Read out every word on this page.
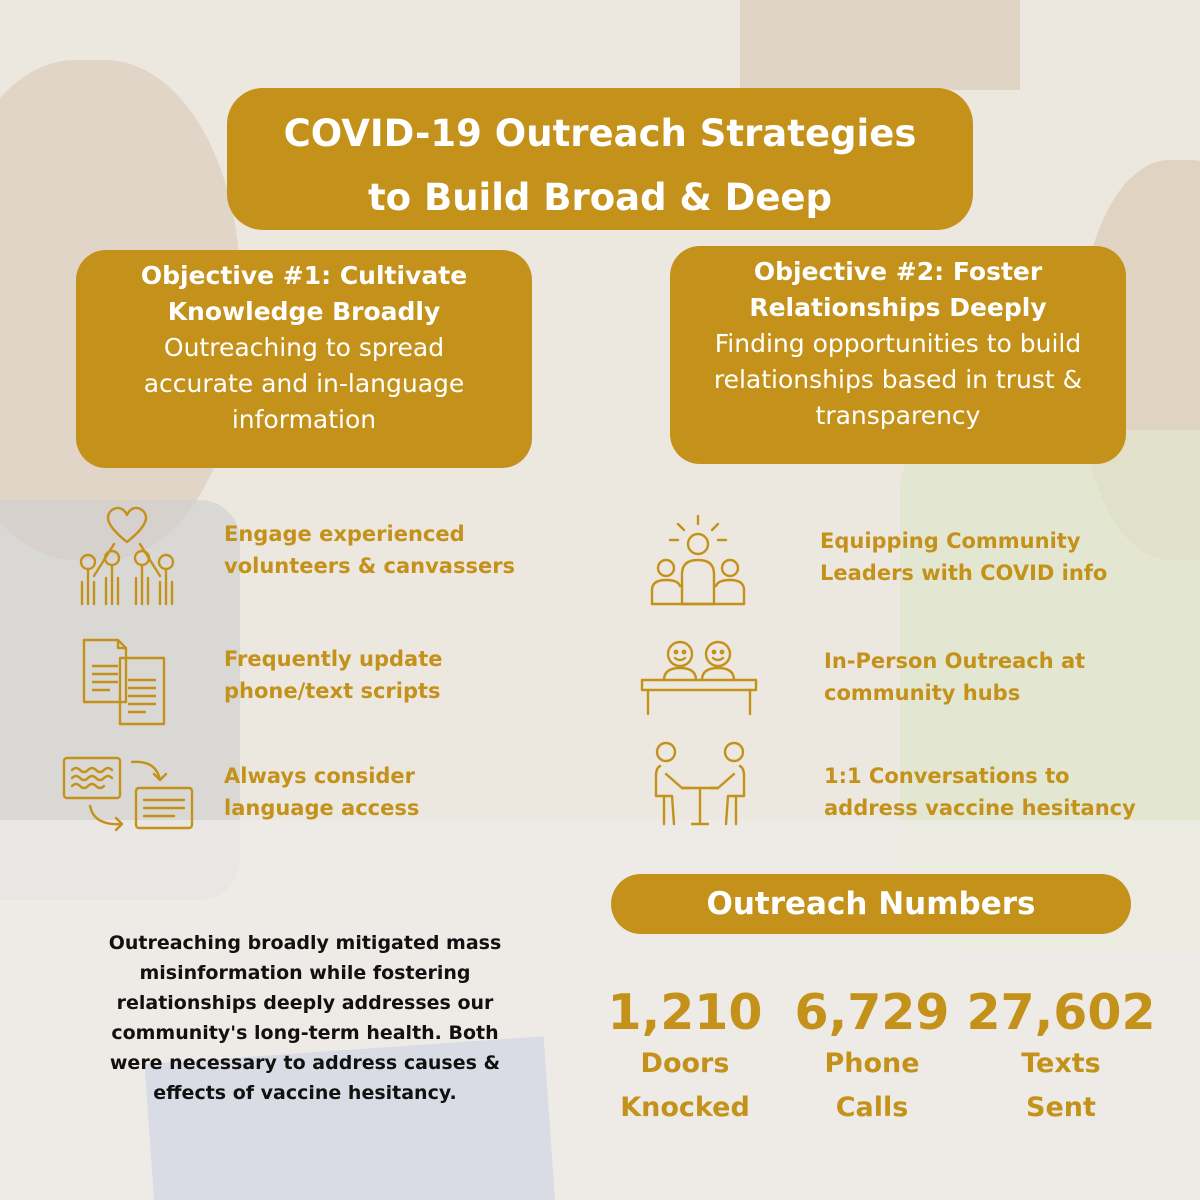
COVID-19 Outreach Strategies
to Build Broad & Deep
Objective #1: Cultivate
Knowledge Broadly
Outreaching to spread
accurate and in-language
information
Objective #2: Foster
Relationships Deeply
Finding opportunities to build
relationships based in trust &
transparency
Engage experienced
volunteers & canvassers
Frequently update
phone/text scripts
Always consider
language access
Equipping Community
Leaders with COVID info
In-Person Outreach at
community hubs
1:1 Conversations to
address vaccine hesitancy
Outreach Numbers
1,210
Doors
Knocked
6,729
Phone
Calls
27,602
Texts
Sent
Outreaching broadly mitigated mass
misinformation while fostering
relationships deeply addresses our
community's long-term health. Both
were necessary to address causes &
effects of vaccine hesitancy.
